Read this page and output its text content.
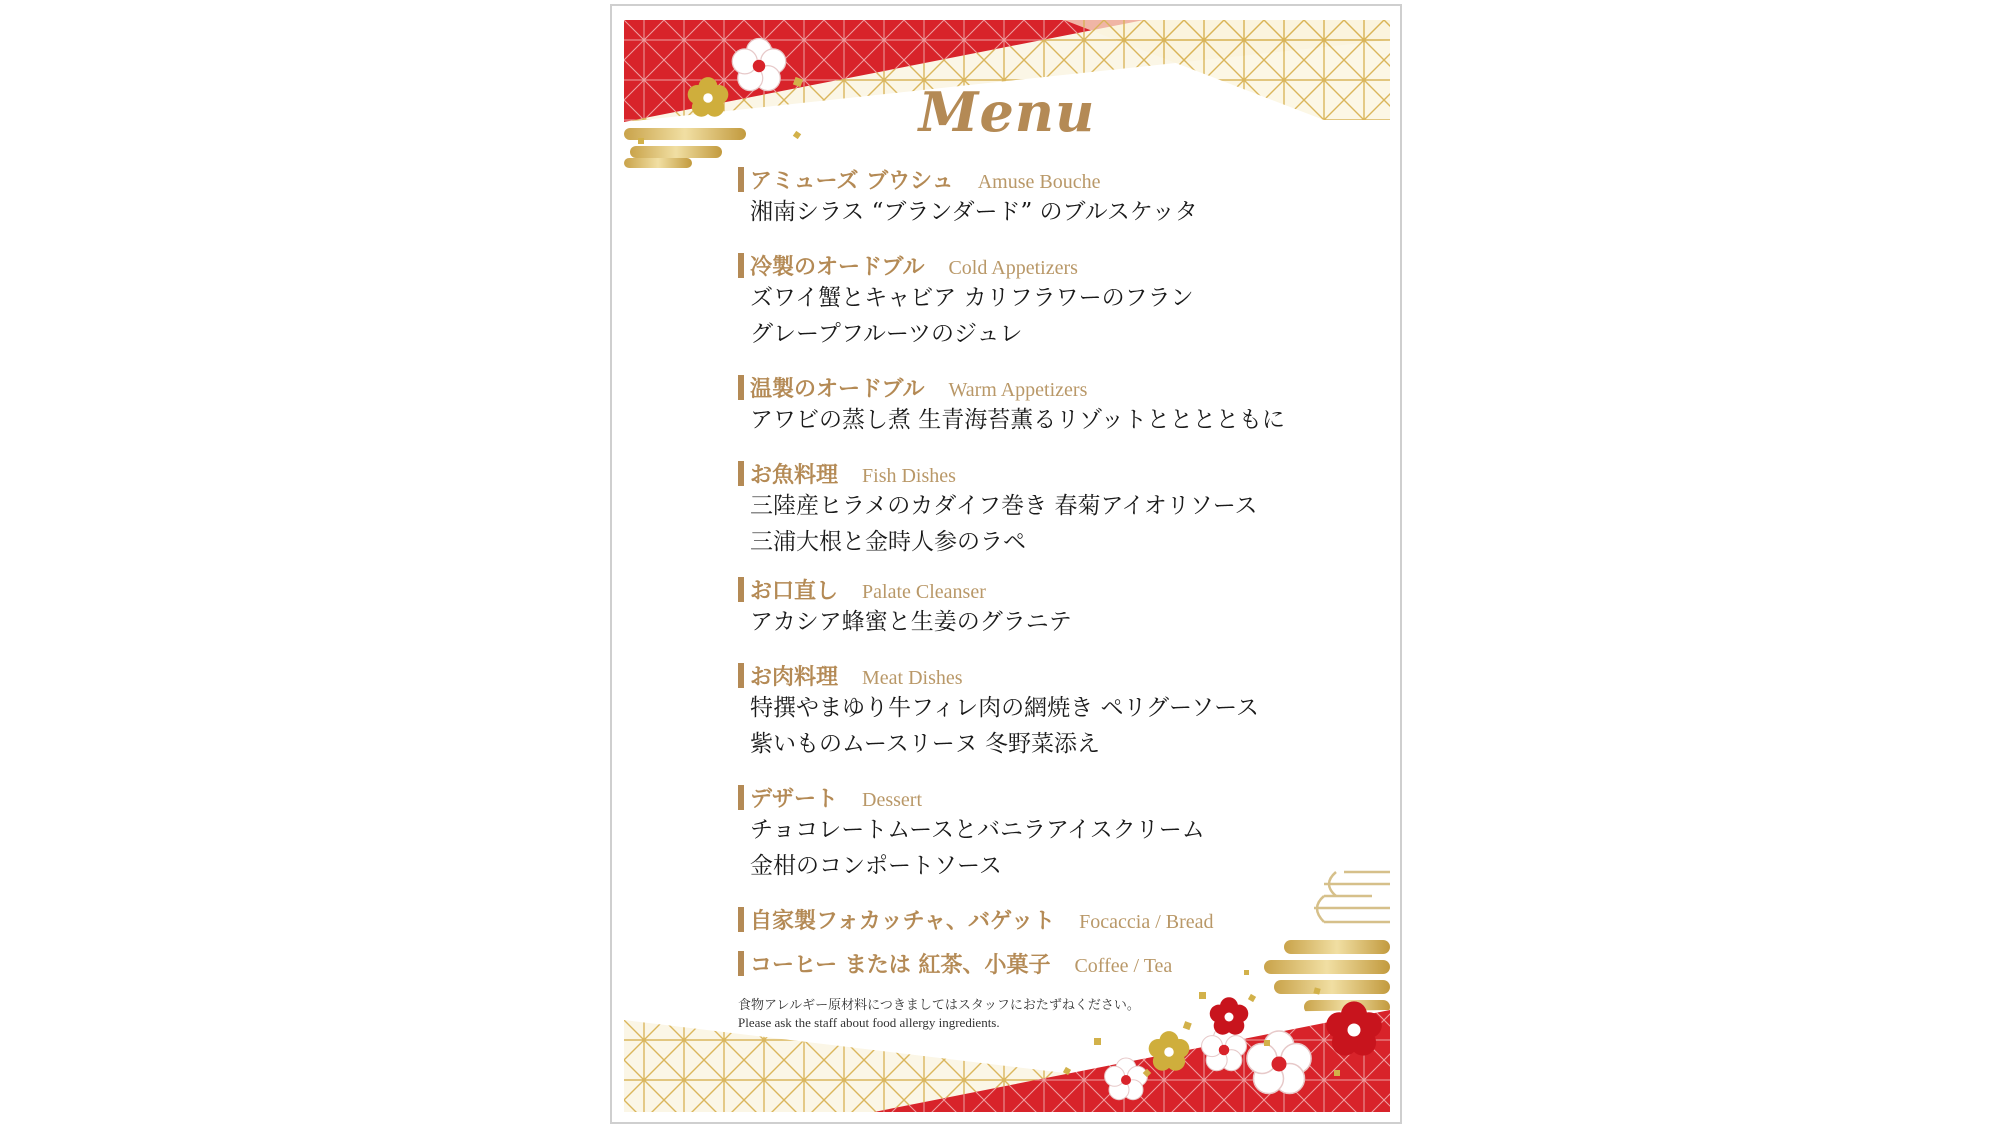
Menu
アミューズ ブウシュ Amuse Bouche
湘南シラス “ブランダード” のブルスケッタ
冷製のオードブル Cold Appetizers
ズワイ蟹とキャビア カリフラワーのフラン
グレープフルーツのジュレ
温製のオードブル Warm Appetizers
アワビの蒸し煮 生青海苔薫るリゾットとととともに
お魚料理 Fish Dishes
三陸産ヒラメのカダイフ巻き 春菊アイオリソース
三浦大根と金時人参のラペ
お口直し Palate Cleanser
アカシア蜂蜜と生姜のグラニテ
お肉料理 Meat Dishes
特撰やまゆり牛フィレ肉の網焼き ペリグーソース
紫いものムースリーヌ 冬野菜添え
デザート Dessert
チョコレートムースとバニラアイスクリーム
金柑のコンポートソース
自家製フォカッチャ、バゲット Focaccia / Bread
コーヒー または 紅茶、小菓子 Coffee / Tea
食物アレルギー原材料につきましてはスタッフにおたずねください。
Please ask the staff about food allergy ingredients.
